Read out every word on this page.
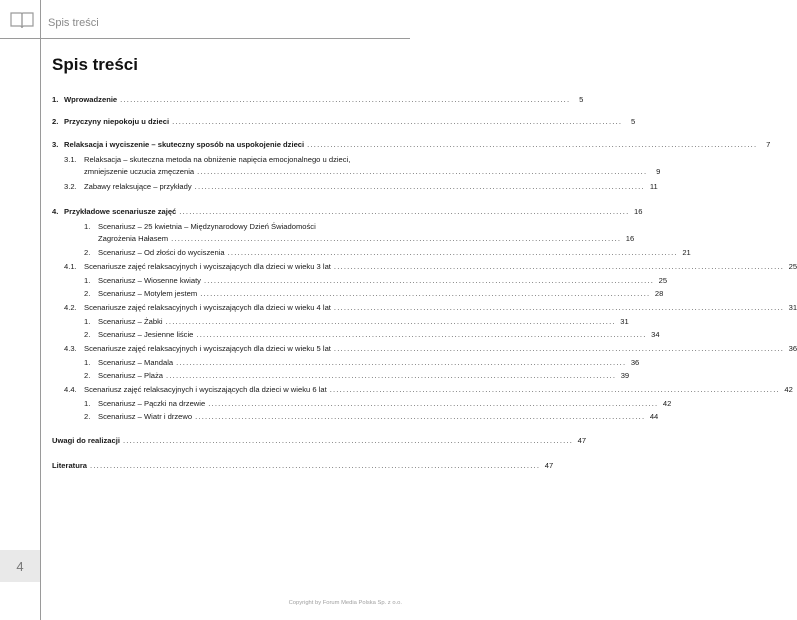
Spis treści
Spis treści
1. Wprowadzenie ........................................................................................................................................	5
2. Przyczyny niepokoju u dzieci ........................................................................................................................................	5
3. Relaksacja i wyciszenie – skuteczny sposób na uspokojenie dzieci ........................................................................................................................................	7
3.1. Relaksacja – skuteczna metoda na obniżenie napięcia emocjonalnego u dzieci,
zmniejszenie uczucia zmęczenia ........................................................................................................................................	9
3.2. Zabawy relaksujące – przykłady ........................................................................................................................................ 11
4. Przykładowe scenariusze zajęć ........................................................................................................................................ 16
1. Scenariusz – 25 kwietnia – Międzynarodowy Dzień Świadomości
Zagrożenia Hałasem ........................................................................................................................................ 16
2.	Scenariusz – Od złości do wyciszenia ........................................................................................................................................ 21
4.1. Scenariusze zajęć relaksacyjnych i wyciszających dla dzieci w wieku 3 lat ........................................................................................................................................ 25
1.	Scenariusz – Wiosenne kwiaty ........................................................................................................................................ 25
2.	Scenariusz – Motylem jestem ........................................................................................................................................ 28
4.2. Scenariusze zajęć relaksacyjnych i wyciszających dla dzieci w wieku 4 lat ........................................................................................................................................ 31
1.	Scenariusz – Żabki ........................................................................................................................................ 31
2.	Scenariusz – Jesienne liście ........................................................................................................................................ 34
4.3. Scenariusze zajęć relaksacyjnych i wyciszających dla dzieci w wieku 5 lat ........................................................................................................................................ 36
1.	Scenariusz – Mandala ........................................................................................................................................ 36
2.	Scenariusz – Plaża ........................................................................................................................................ 39
4.4. Scenariusz zajęć relaksacyjnych i wyciszających dla dzieci w wieku 6 lat ........................................................................................................................................ 42
1.	Scenariusz – Pączki na drzewie ........................................................................................................................................ 42
2.	Scenariusz – Wiatr i drzewo ........................................................................................................................................ 44
Uwagi do realizacji ........................................................................................................................................ 47
Literatura ........................................................................................................................................ 47
4
Copyright by Forum Media Polska Sp. z o.o.
